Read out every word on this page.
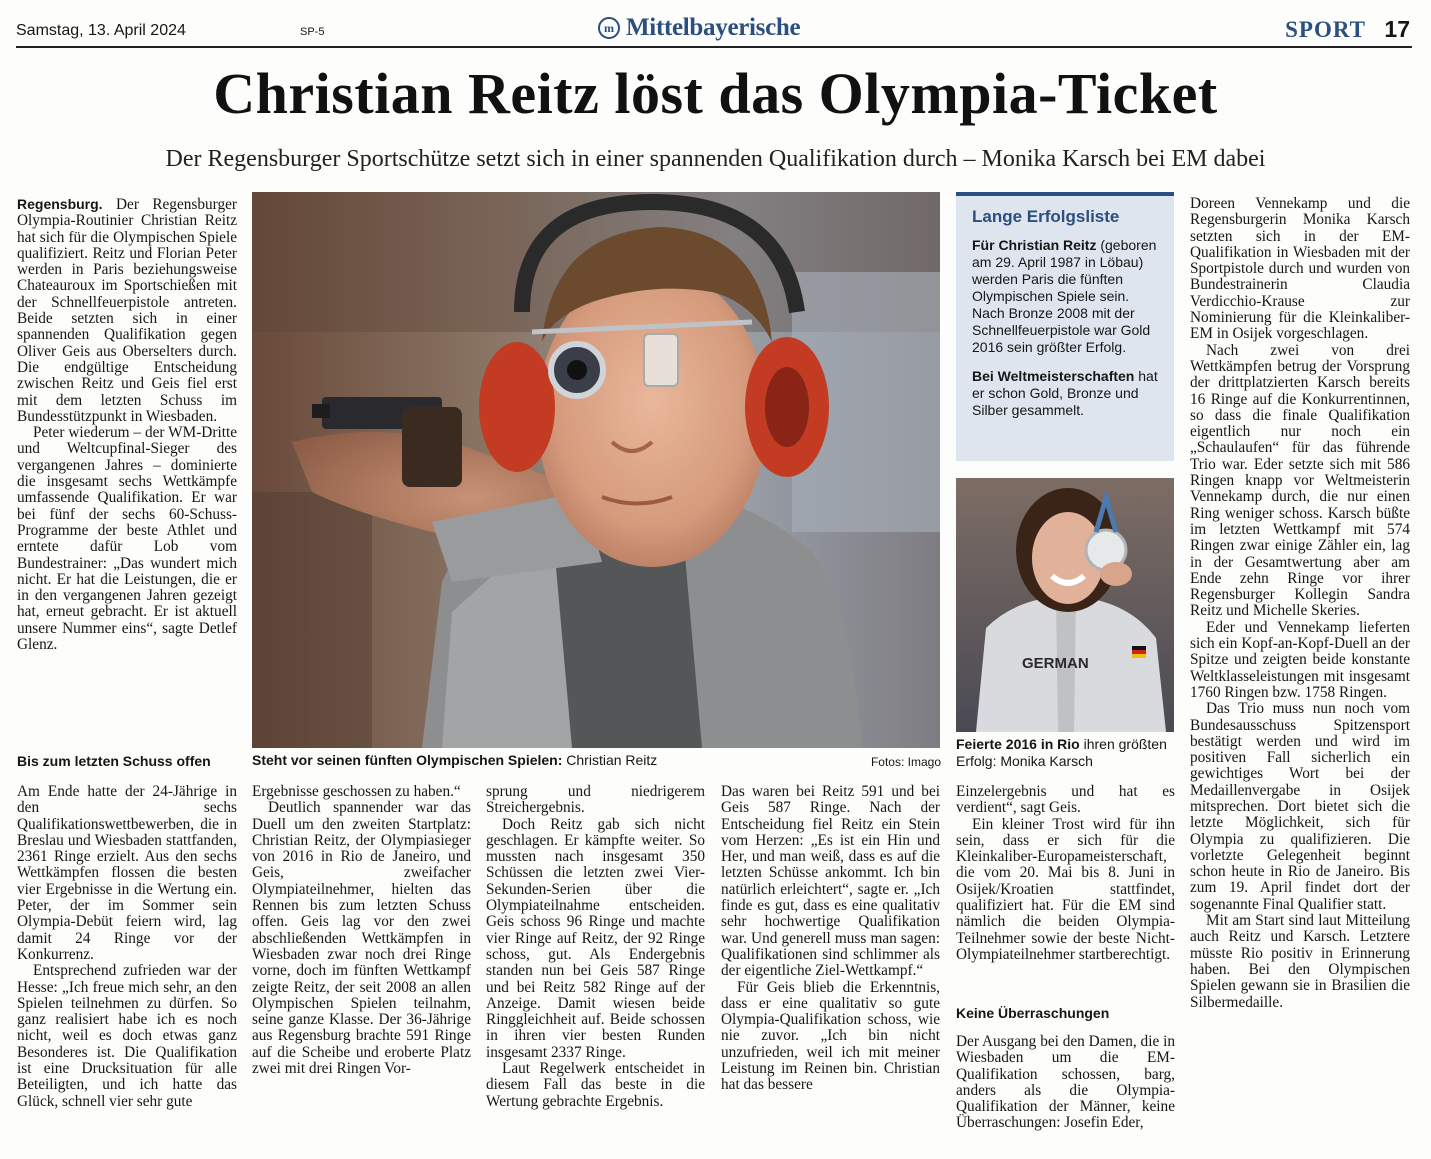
Samstag, 13. April 2024	SP-5	m Mittelbayerische	SPORT 17
Christian Reitz löst das Olympia-Ticket
Der Regensburger Sportschütze setzt sich in einer spannenden Qualifikation durch – Monika Karsch bei EM dabei

Regensburg. Der Regensburger Olympia-Routinier Christian Reitz hat sich für die Olympischen Spiele qualifiziert. Reitz und Florian Peter werden in Paris beziehungsweise Chateauroux im Sportschießen mit der Schnellfeuerpistole antreten. Beide setzten sich in einer spannenden Qualifikation gegen Oliver Geis aus Oberselters durch. Die endgültige Entscheidung zwischen Reitz und Geis fiel erst mit dem letzten Schuss im Bundesstützpunkt in Wiesbaden.

Peter wiederum – der WM-Dritte und Weltcupfinal-Sieger des vergangenen Jahres – dominierte die insgesamt sechs Wettkämpfe umfassende Qualifikation. Er war bei fünf der sechs 60-Schuss-Programme der beste Athlet und erntete dafür Lob vom Bundestrainer: „Das wundert mich nicht. Er hat die Leistungen, die er in den vergangenen Jahren gezeigt hat, erneut gebracht. Er ist aktuell unsere Nummer eins“, sagte Detlef Glenz.

Bis zum letzten Schuss offen

Am Ende hatte der 24-Jährige in den sechs Qualifikationswettbewerben, die in Breslau und Wiesbaden stattfanden, 2361 Ringe erzielt. Aus den sechs Wettkämpfen flossen die besten vier Ergebnisse in die Wertung ein. Peter, der im Sommer sein Olympia-Debüt feiern wird, lag damit 24 Ringe vor der Konkurrenz.

Entsprechend zufrieden war der Hesse: „Ich freue mich sehr, an den Spielen teilnehmen zu dürfen. So ganz realisiert habe ich es noch nicht, weil es doch etwas ganz Besonderes ist. Die Qualifikation ist eine Drucksituation für alle Beteiligten, und ich hatte das Glück, schnell vier sehr gute

Steht vor seinen fünften Olympischen Spielen: Christian Reitz	Fotos: Imago
Lange Erfolgsliste

Für Christian Reitz (geboren am 29. April 1987 in Löbau) werden Paris die fünften Olympischen Spiele sein. Nach Bronze 2008 mit der Schnellfeuerpistole war Gold 2016 sein größter Erfolg.

Bei Weltmeisterschaften hat er schon Gold, Bronze und Silber gesammelt.

GERMAN
Feierte 2016 in Rio ihren größten Erfolg: Monika Karsch

Ergebnisse geschossen zu haben.“

Deutlich spannender war das Duell um den zweiten Startplatz: Christian Reitz, der Olympiasieger von 2016 in Rio de Janeiro, und Geis, zweifacher Olympiateilnehmer, hielten das Rennen bis zum letzten Schuss offen. Geis lag vor den zwei abschließenden Wettkämpfen in Wiesbaden zwar noch drei Ringe vorne, doch im fünften Wettkampf zeigte Reitz, der seit 2008 an allen Olympischen Spielen teilnahm, seine ganze Klasse. Der 36-Jährige aus Regensburg brachte 591 Ringe auf die Scheibe und eroberte Platz zwei mit drei Ringen Vor-

sprung und niedrigerem Streichergebnis.

Doch Reitz gab sich nicht geschlagen. Er kämpfte weiter. So mussten nach insgesamt 350 Schüssen die letzten zwei Vier-Sekunden-Serien über die Olympiateilnahme entscheiden. Geis schoss 96 Ringe und machte vier Ringe auf Reitz, der 92 Ringe schoss, gut. Als Endergebnis standen nun bei Geis 587 Ringe und bei Reitz 582 Ringe auf der Anzeige. Damit wiesen beide Ringgleichheit auf. Beide schossen in ihren vier besten Runden insgesamt 2337 Ringe.

Laut Regelwerk entscheidet in diesem Fall das beste in die Wertung gebrachte Ergebnis.

Das waren bei Reitz 591 und bei Geis 587 Ringe. Nach der Entscheidung fiel Reitz ein Stein vom Herzen: „Es ist ein Hin und Her, und man weiß, dass es auf die letzten Schüsse ankommt. Ich bin natürlich erleichtert“, sagte er. „Ich finde es gut, dass es eine qualitativ sehr hochwertige Qualifikation war. Und generell muss man sagen: Qualifikationen sind schlimmer als der eigentliche Ziel-Wettkampf.“

Für Geis blieb die Erkenntnis, dass er eine qualitativ so gute Olympia-Qualifikation schoss, wie nie zuvor. „Ich bin nicht unzufrieden, weil ich mit meiner Leistung im Reinen bin. Christian hat das bessere

Einzelergebnis und hat es verdient“, sagt Geis.

Ein kleiner Trost wird für ihn sein, dass er sich für die Kleinkaliber-Europameisterschaft, die vom 20. Mai bis 8. Juni in Osijek/Kroatien stattfindet, qualifiziert hat. Für die EM sind nämlich die beiden Olympia-Teilnehmer sowie der beste Nicht-Olympiateilnehmer startberechtigt.

Keine Überraschungen

Der Ausgang bei den Damen, die in Wiesbaden um die EM-Qualifikation schossen, barg, anders als die Olympia-Qualifikation der Männer, keine Überraschungen: Josefin Eder,

Doreen Vennekamp und die Regensburgerin Monika Karsch setzten sich in der EM-Qualifikation in Wiesbaden mit der Sportpistole durch und wurden von Bundestrainerin Claudia Verdicchio-Krause zur Nominierung für die Kleinkaliber-EM in Osijek vorgeschlagen.

Nach zwei von drei Wettkämpfen betrug der Vorsprung der drittplatzierten Karsch bereits 16 Ringe auf die Konkurrentinnen, so dass die finale Qualifikation eigentlich nur noch ein „Schaulaufen“ für das führende Trio war. Eder setzte sich mit 586 Ringen knapp vor Weltmeisterin Vennekamp durch, die nur einen Ring weniger schoss. Karsch büßte im letzten Wettkampf mit 574 Ringen zwar einige Zähler ein, lag in der Gesamtwertung aber am Ende zehn Ringe vor ihrer Regensburger Kollegin Sandra Reitz und Michelle Skeries.

Eder und Vennekamp lieferten sich ein Kopf-an-Kopf-Duell an der Spitze und zeigten beide konstante Weltklasseleistungen mit insgesamt 1760 Ringen bzw. 1758 Ringen.

Das Trio muss nun noch vom Bundesausschuss Spitzensport bestätigt werden und wird im positiven Fall sicherlich ein gewichtiges Wort bei der Medaillenvergabe in Osijek mitsprechen. Dort bietet sich die letzte Möglichkeit, sich für Olympia zu qualifizieren. Die vorletzte Gelegenheit beginnt schon heute in Rio de Janeiro. Bis zum 19. April findet dort der sogenannte Final Qualifier statt.

Mit am Start sind laut Mitteilung auch Reitz und Karsch. Letztere müsste Rio positiv in Erinnerung haben. Bei den Olympischen Spielen gewann sie in Brasilien die Silbermedaille.
